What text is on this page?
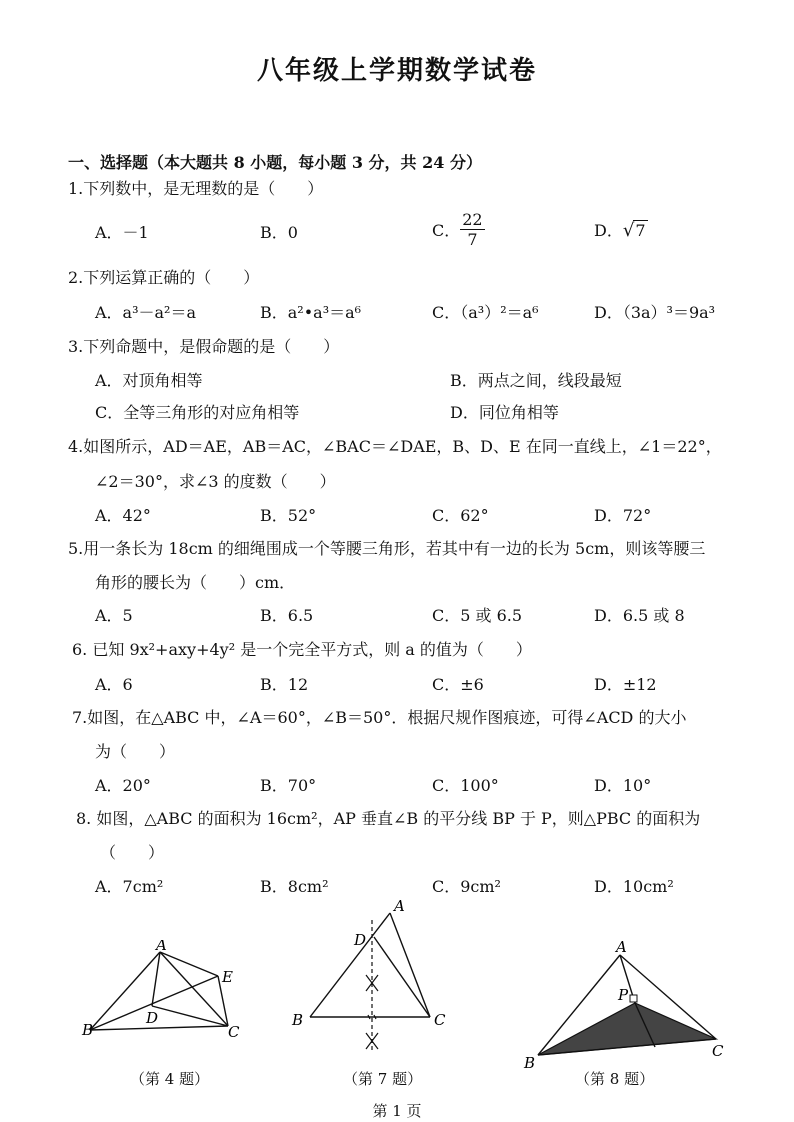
八年级上学期数学试卷
一、选择题（本大题共 8 小题，每小题 3 分，共 24 分）
1.下列数中，是无理数的是（　　）
A．－1	B．0	C． $\frac{22}{7}$	D．√7
2.下列运算正确的（　　）
A．a³－a²＝a	B．a²•a³＝a⁶	C．（a³）²＝a⁶	D．（3a）³＝9a³
3.下列命题中，是假命题的是（　　）
A．对顶角相等	B．两点之间，线段最短
C．全等三角形的对应角相等	D．同位角相等
4.如图所示，AD＝AE，AB＝AC，∠BAC＝∠DAE，B、D、E 在同一直线上，∠1＝22°，
∠2＝30°，求∠3 的度数（　　）
A．42°	B．52°	C．62°	D．72°
5.用一条长为 18cm 的细绳围成一个等腰三角形，若其中有一边的长为 5cm，则该等腰三
角形的腰长为（　　）cm．
A．5	B．6.5	C．5 或 6.5	D．6.5 或 8
6. 已知 9x²+axy+4y² 是一个完全平方式，则 a 的值为（　　）
A．6	B．12	C．±6	D．±12
7.如图，在△ABC 中，∠A＝60°，∠B＝50°．根据尺规作图痕迹，可得∠ACD 的大小
为（　　）
A．20°	B．70°	C．100°	D．10°
8. 如图，△ABC 的面积为 16cm²，AP 垂直∠B 的平分线 BP 于 P，则△PBC 的面积为
（　　）
A．7cm²	B．8cm²	C．9cm²	D．10cm²
A
B	C
D
E
（第 4 题）
A
B	C
D
（第 7 题）
A
B
C
P
（第 8 题）
第 1 页
